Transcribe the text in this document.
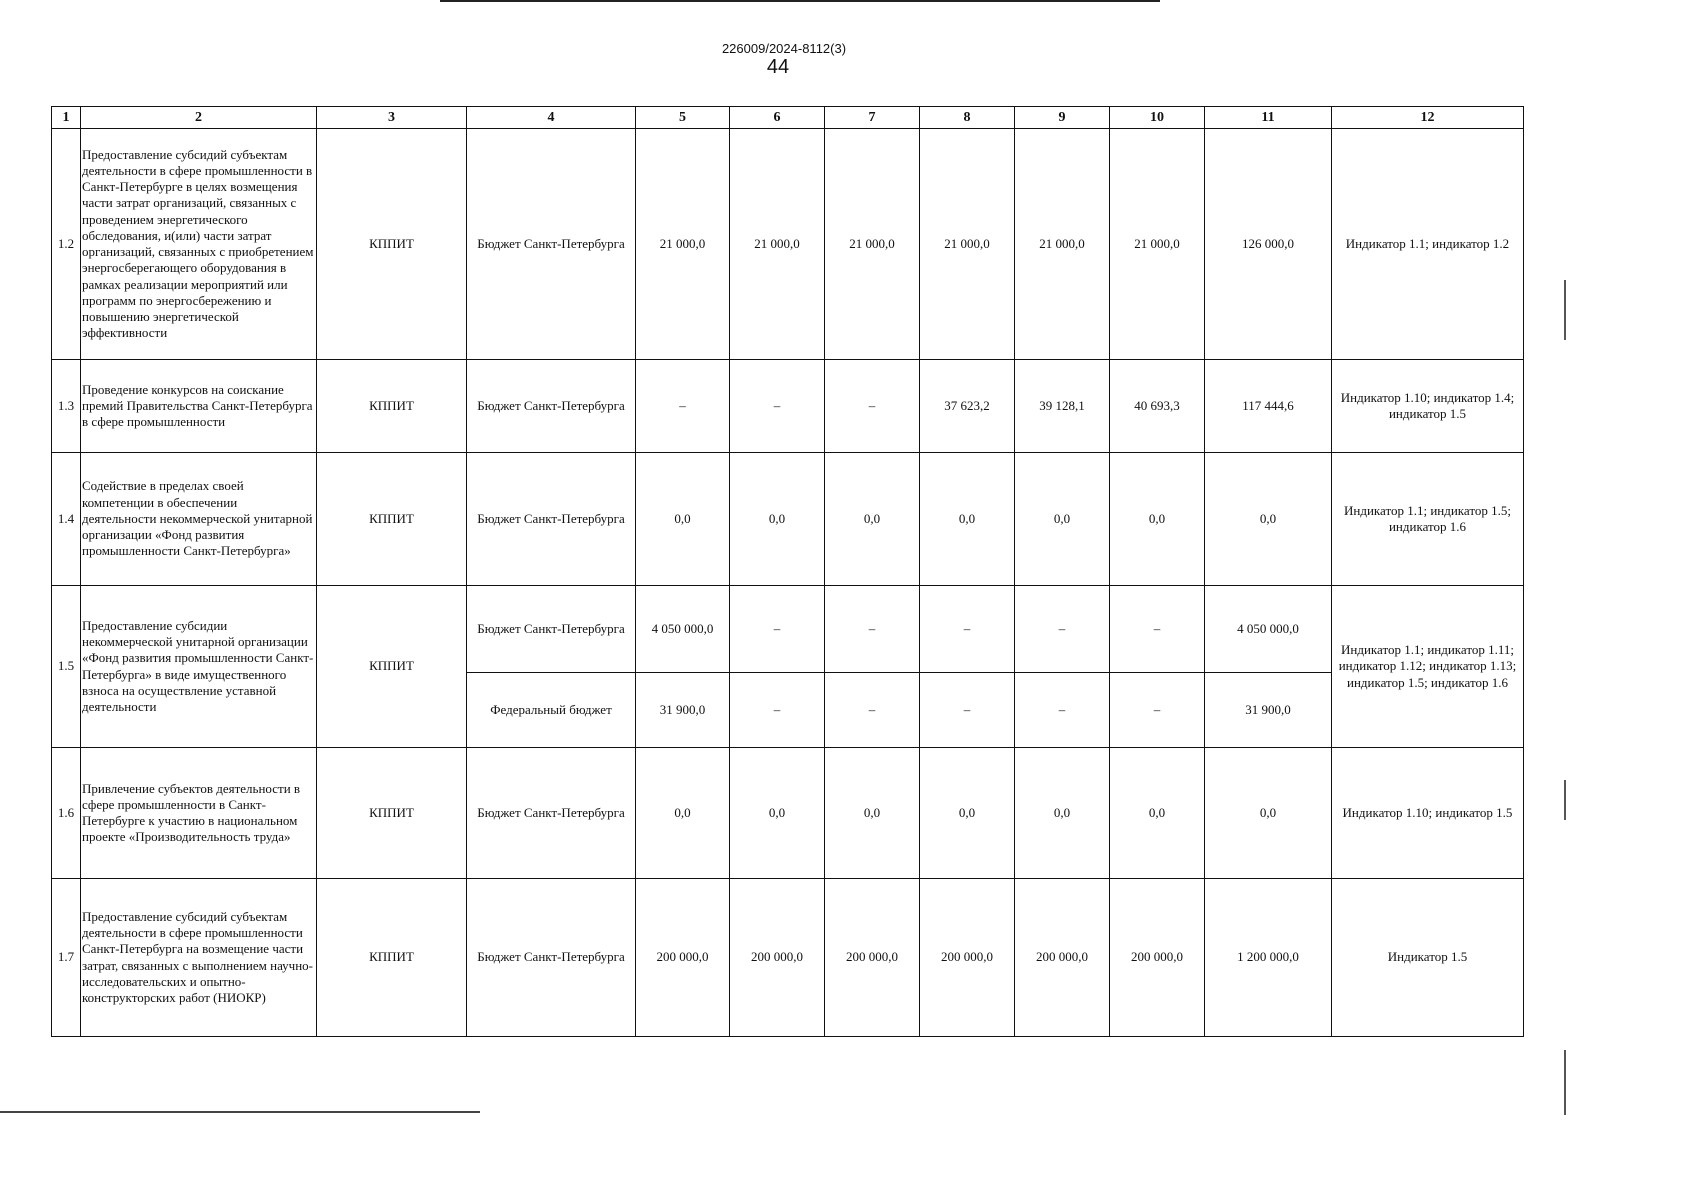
226009/2024-8112(3)
44
1	2	3	4	5	6	7	8	9	10	11	12
1.2	Предоставление субсидий субъектам деятельности в сфере промышленности в Санкт-Петербурге в целях возмещения части затрат организаций, связанных с проведением энергетического обследования, и(или) части затрат организаций, связанных с приобретением энергосберегающего оборудования в рамках реализации мероприятий или программ по энергосбережению и повышению энергетической эффективности	КППИТ	Бюджет Санкт-Петербурга	21 000,0	21 000,0	21 000,0	21 000,0	21 000,0	21 000,0	126 000,0	Индикатор 1.1; индикатор 1.2
1.3	Проведение конкурсов на соискание премий Правительства Санкт-Петербурга в сфере промышленности	КППИТ	Бюджет Санкт-Петербурга	–	–	–	37 623,2	39 128,1	40 693,3	117 444,6	Индикатор 1.10; индикатор 1.4; индикатор 1.5
1.4	Содействие в пределах своей компетенции в обеспечении деятельности некоммерческой унитарной организации «Фонд развития промышленности Санкт-Петербурга»	КППИТ	Бюджет Санкт-Петербурга	0,0	0,0	0,0	0,0	0,0	0,0	0,0	Индикатор 1.1; индикатор 1.5; индикатор 1.6
1.5	Предоставление субсидии некоммерческой унитарной организации «Фонд развития промышленности Санкт-Петербурга» в виде имущественного взноса на осуществление уставной деятельности	КППИТ	Бюджет Санкт-Петербурга	4 050 000,0	–	–	–	–	–	4 050 000,0	Индикатор 1.1; индикатор 1.11; индикатор 1.12; индикатор 1.13; индикатор 1.5; индикатор 1.6
			Федеральный бюджет	31 900,0	–	–	–	–	–	31 900,0	
1.6	Привлечение субъектов деятельности в сфере промышленности в Санкт-Петербурге к участию в национальном проекте «Производительность труда»	КППИТ	Бюджет Санкт-Петербурга	0,0	0,0	0,0	0,0	0,0	0,0	0,0	Индикатор 1.10; индикатор 1.5
1.7	Предоставление субсидий субъектам деятельности в сфере промышленности Санкт-Петербурга на возмещение части затрат, связанных с выполнением научно-исследовательских и опытно-конструкторских работ (НИОКР)	КППИТ	Бюджет Санкт-Петербурга	200 000,0	200 000,0	200 000,0	200 000,0	200 000,0	200 000,0	1 200 000,0	Индикатор 1.5
